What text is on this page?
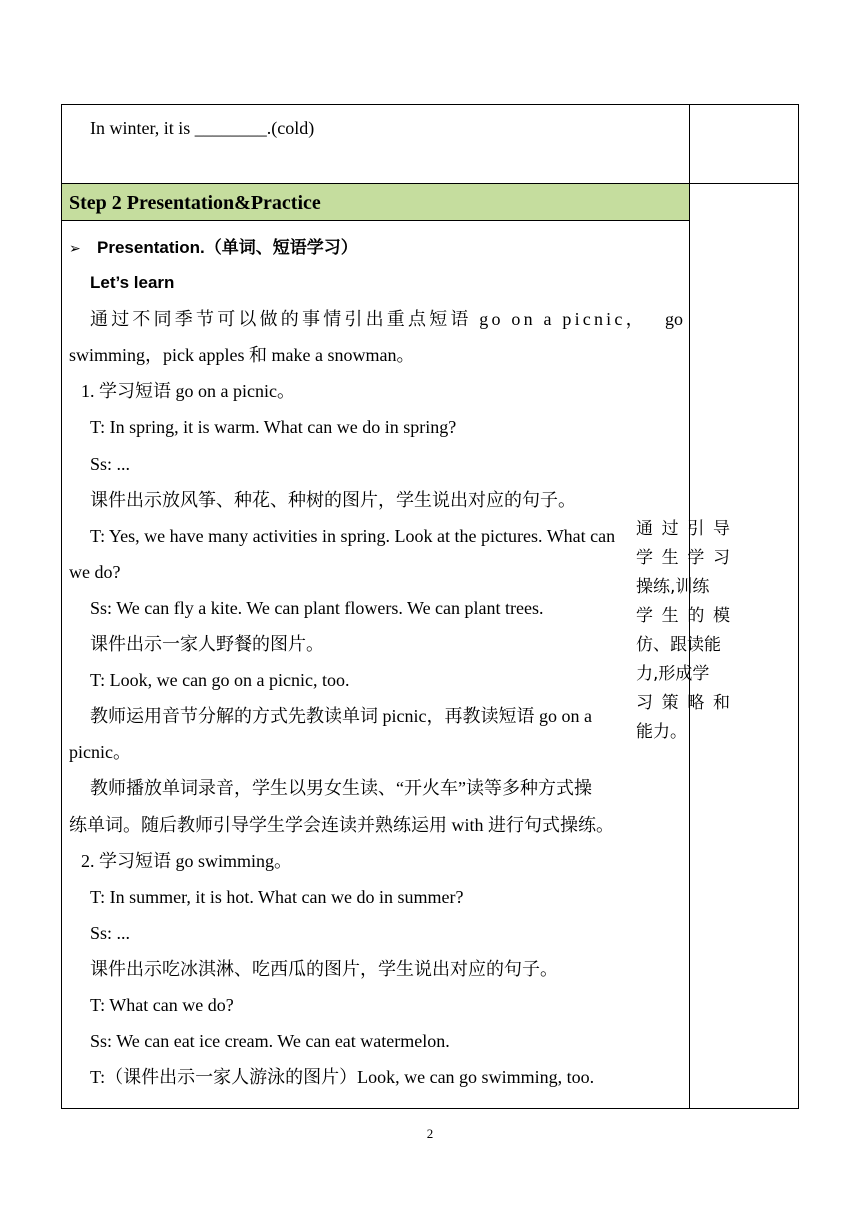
In winter, it is ________.(cold)
Step 2 Presentation&Practice
➢ Presentation.（单词、短语学习）
Let’s learn
通过不同季节可以做的事情引出重点短语 go on a picnic， go
swimming，pick apples 和 make a snowman。
1. 学习短语 go on a picnic。
T: In spring, it is warm. What can we do in spring?
Ss: ...
课件出示放风筝、种花、种树的图片，学生说出对应的句子。
T: Yes, we have many activities in spring. Look at the pictures. What can
we do?
Ss: We can fly a kite. We can plant flowers. We can plant trees.
课件出示一家人野餐的图片。
T: Look, we can go on a picnic, too.
教师运用音节分解的方式先教读单词 picnic，再教读短语 go on a
picnic。
教师播放单词录音，学生以男女生读、“开火车”读等多种方式操
练单词。随后教师引导学生学会连读并熟练运用 with 进行句式操练。
2. 学习短语 go swimming。
T: In summer, it is hot. What can we do in summer?
Ss: ...
课件出示吃冰淇淋、吃西瓜的图片，学生说出对应的句子。
T: What can we do?
Ss: We can eat ice cream. We can eat watermelon.
T:（课件出示一家人游泳的图片）Look, we can go swimming, too.
通 过 引 导
学 生 学 习
操练,训练
学 生 的 模
仿、跟读能
力,形成学
习 策 略 和
能力。
2
